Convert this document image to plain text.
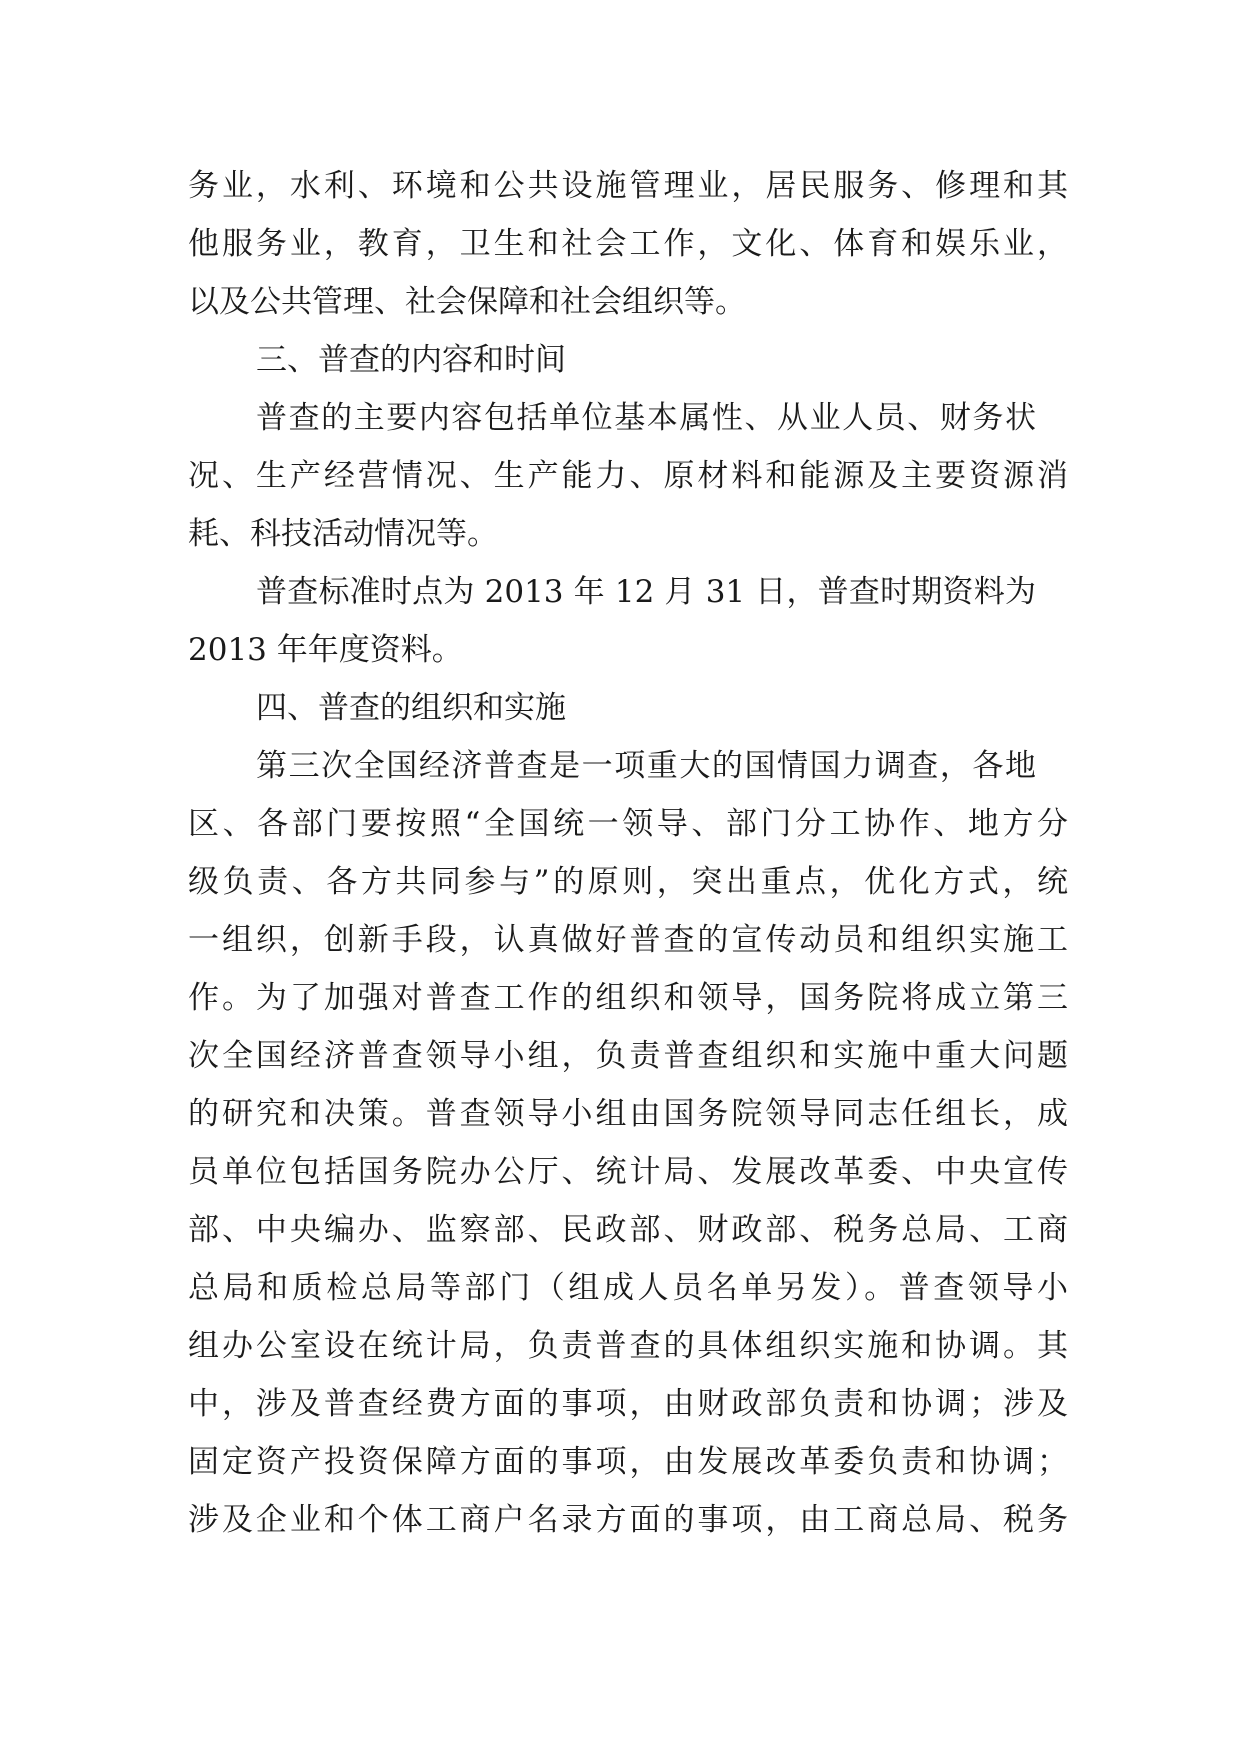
务业，水利、环境和公共设施管理业，居民服务、修理和其
他服务业，教育，卫生和社会工作，文化、体育和娱乐业，
以及公共管理、社会保障和社会组织等。
三、普查的内容和时间
普查的主要内容包括单位基本属性、从业人员、财务状
况、生产经营情况、生产能力、原材料和能源及主要资源消
耗、科技活动情况等。
普查标准时点为 2013 年 12 月 31 日，普查时期资料为
2013 年年度资料。
四、普查的组织和实施
第三次全国经济普查是一项重大的国情国力调查，各地
区、各部门要按照“全国统一领导、部门分工协作、地方分
级负责、各方共同参与”的原则，突出重点，优化方式，统
一组织，创新手段，认真做好普查的宣传动员和组织实施工
作。为了加强对普查工作的组织和领导，国务院将成立第三
次全国经济普查领导小组，负责普查组织和实施中重大问题
的研究和决策。普查领导小组由国务院领导同志任组长，成
员单位包括国务院办公厅、统计局、发展改革委、中央宣传
部、中央编办、监察部、民政部、财政部、税务总局、工商
总局和质检总局等部门（组成人员名单另发）。普查领导小
组办公室设在统计局，负责普查的具体组织实施和协调。其
中，涉及普查经费方面的事项，由财政部负责和协调；涉及
固定资产投资保障方面的事项，由发展改革委负责和协调；
涉及企业和个体工商户名录方面的事项，由工商总局、税务
